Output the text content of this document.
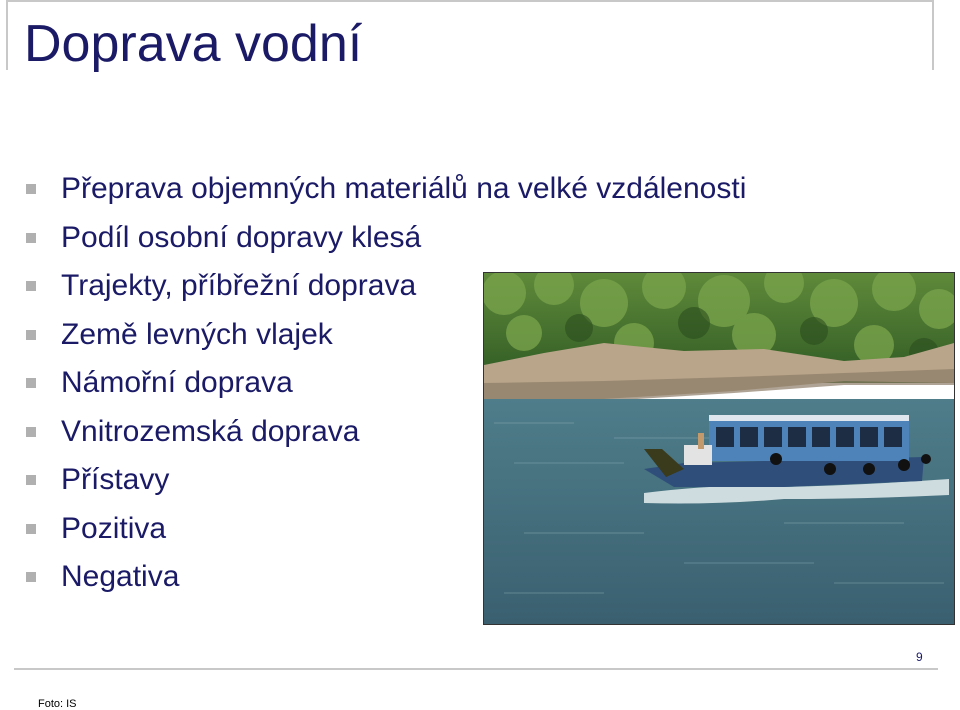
Doprava vodní
Přeprava objemných materiálů na velké vzdálenosti
Podíl osobní dopravy klesá
Trajekty, příbřežní doprava
Země levných vlajek
Námořní doprava
Vnitrozemská doprava
Přístavy
Pozitiva
Negativa
9
Foto: IS
